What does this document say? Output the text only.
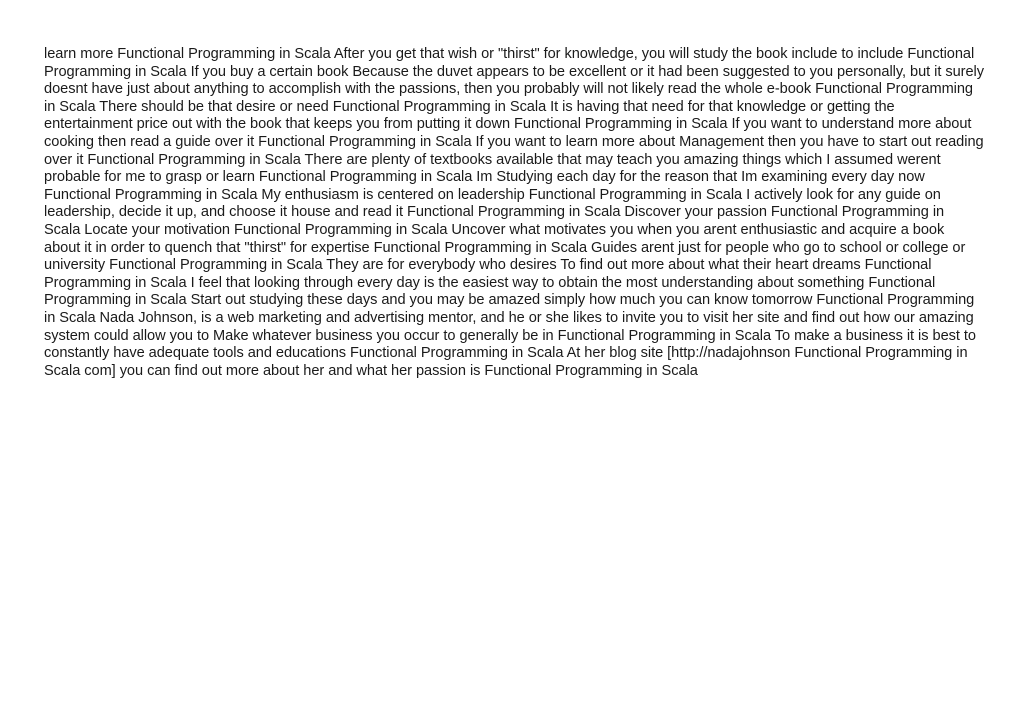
learn more Functional Programming in Scala After you get that wish or "thirst" for knowledge, you will study the book include to include Functional Programming in Scala If you buy a certain book Because the duvet appears to be excellent or it had been suggested to you personally, but it surely doesnt have just about anything to accomplish with the passions, then you probably will not likely read the whole e-book Functional Programming in Scala There should be that desire or need Functional Programming in Scala It is having that need for that knowledge or getting the entertainment price out with the book that keeps you from putting it down Functional Programming in Scala If you want to understand more about cooking then read a guide over it Functional Programming in Scala If you want to learn more about Management then you have to start out reading over it Functional Programming in Scala There are plenty of textbooks available that may teach you amazing things which I assumed werent probable for me to grasp or learn Functional Programming in Scala Im Studying each day for the reason that Im examining every day now Functional Programming in Scala My enthusiasm is centered on leadership Functional Programming in Scala I actively look for any guide on leadership, decide it up, and choose it house and read it Functional Programming in Scala Discover your passion Functional Programming in Scala Locate your motivation Functional Programming in Scala Uncover what motivates you when you arent enthusiastic and acquire a book about it in order to quench that "thirst" for expertise Functional Programming in Scala Guides arent just for people who go to school or college or university Functional Programming in Scala They are for everybody who desires To find out more about what their heart dreams Functional Programming in Scala I feel that looking through every day is the easiest way to obtain the most understanding about something Functional Programming in Scala Start out studying these days and you may be amazed simply how much you can know tomorrow Functional Programming in Scala Nada Johnson, is a web marketing and advertising mentor, and he or she likes to invite you to visit her site and find out how our amazing system could allow you to Make whatever business you occur to generally be in Functional Programming in Scala To make a business it is best to constantly have adequate tools and educations Functional Programming in Scala At her blog site [http://nadajohnson Functional Programming in Scala com] you can find out more about her and what her passion is Functional Programming in Scala
